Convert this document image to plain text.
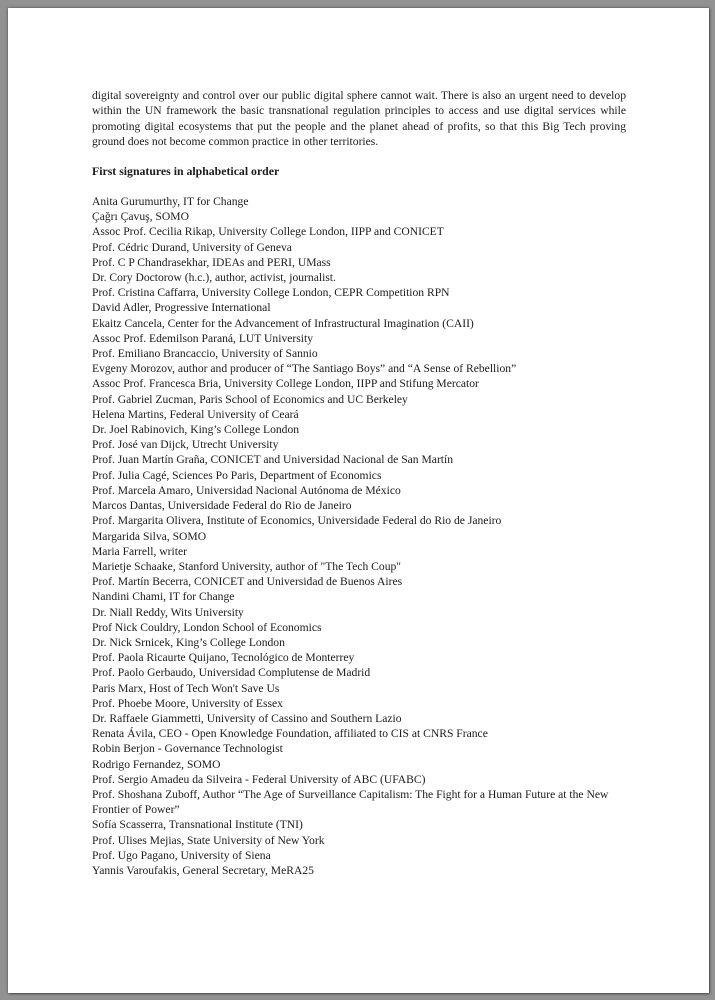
digital sovereignty and control over our public digital sphere cannot wait. There is also an urgent need to develop within the UN framework the basic transnational regulation principles to access and use digital services while promoting digital ecosystems that put the people and the planet ahead of profits, so that this Big Tech proving ground does not become common practice in other territories.

First signatures in alphabetical order

Anita Gurumurthy, IT for Change
Çağrı Çavuş, SOMO
Assoc Prof. Cecilia Rikap, University College London, IIPP and CONICET
Prof. Cédric Durand, University of Geneva
Prof. C P Chandrasekhar, IDEAs and PERI, UMass
Dr. Cory Doctorow (h.c.), author, activist, journalist.
Prof. Cristina Caffarra, University College London, CEPR Competition RPN
David Adler, Progressive International
Ekaitz Cancela, Center for the Advancement of Infrastructural Imagination (CAII)
Assoc Prof. Edemilson Paraná, LUT University
Prof. Emiliano Brancaccio, University of Sannio
Evgeny Morozov, author and producer of “The Santiago Boys” and “A Sense of Rebellion”
Assoc Prof. Francesca Bria, University College London, IIPP and Stifung Mercator
Prof. Gabriel Zucman, Paris School of Economics and UC Berkeley
Helena Martins, Federal University of Ceará
Dr. Joel Rabinovich, King’s College London
Prof. José van Dijck, Utrecht University
Prof. Juan Martín Graña, CONICET and Universidad Nacional de San Martín
Prof. Julia Cagé, Sciences Po Paris, Department of Economics
Prof. Marcela Amaro, Universidad Nacional Autónoma de México
Marcos Dantas, Universidade Federal do Rio de Janeiro
Prof. Margarita Olivera, Institute of Economics, Universidade Federal do Rio de Janeiro
Margarida Silva, SOMO
Maria Farrell, writer
Marietje Schaake, Stanford University, author of "The Tech Coup"
Prof. Martín Becerra, CONICET and Universidad de Buenos Aires
Nandini Chami, IT for Change
Dr. Niall Reddy, Wits University
Prof Nick Couldry, London School of Economics
Dr. Nick Srnicek, King’s College London
Prof. Paola Ricaurte Quijano, Tecnológico de Monterrey
Prof. Paolo Gerbaudo, Universidad Complutense de Madrid
Paris Marx, Host of Tech Won't Save Us
Prof. Phoebe Moore, University of Essex
Dr. Raffaele Giammetti, University of Cassino and Southern Lazio
Renata Ávila, CEO - Open Knowledge Foundation, affiliated to CIS at CNRS France
Robin Berjon - Governance Technologist
Rodrigo Fernandez, SOMO
Prof. Sergio Amadeu da Silveira - Federal University of ABC (UFABC)
Prof. Shoshana Zuboff, Author “The Age of Surveillance Capitalism: The Fight for a Human Future at the New Frontier of Power”
Sofía Scasserra, Transnational Institute (TNI)
Prof. Ulises Mejias, State University of New York
Prof. Ugo Pagano, University of Siena
Yannis Varoufakis, General Secretary, MeRA25
